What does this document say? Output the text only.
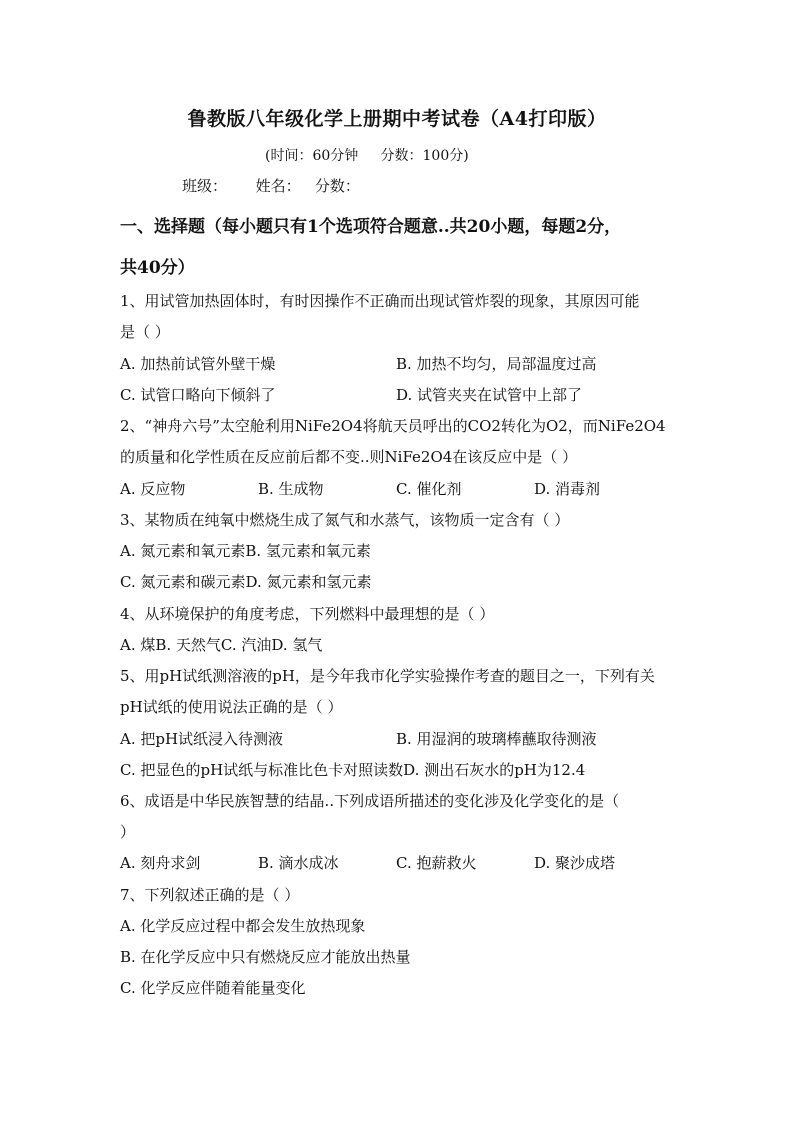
鲁教版八年级化学上册期中考试卷（A4打印版）
(时间：60分钟     分数：100分)
班级：      姓名：   分数：
一、选择题（每小题只有1个选项符合题意..共20小题，每题2分，
共40分）
1、用试管加热固体时，有时因操作不正确而出现试管炸裂的现象，其原因可能
是（ ）
A. 加热前试管外壁干燥	B. 加热不均匀，局部温度过高
C. 试管口略向下倾斜了	D. 试管夹夹在试管中上部了
2、“神舟六号”太空舱利用NiFe2O4将航天员呼出的CO2转化为O2，而NiFe2O4
的质量和化学性质在反应前后都不变..则NiFe2O4在该反应中是（ ）
A. 反应物	B. 生成物	C. 催化剂	D. 消毒剂
3、某物质在纯氧中燃烧生成了氮气和水蒸气，该物质一定含有（ ）
A. 氮元素和氧元素B. 氢元素和氧元素
C. 氮元素和碳元素D. 氮元素和氢元素
4、从环境保护的角度考虑，下列燃料中最理想的是（ ）
A. 煤B. 天然气C. 汽油D. 氢气
5、用pH试纸测溶液的pH，是今年我市化学实验操作考查的题目之一，下列有关
pH试纸的使用说法正确的是（ ）
A. 把pH试纸浸入待测液	B. 用湿润的玻璃棒蘸取待测液
C. 把显色的pH试纸与标准比色卡对照读数D. 测出石灰水的pH为12.4
6、成语是中华民族智慧的结晶..下列成语所描述的变化涉及化学变化的是（
）
A. 刻舟求剑	B. 滴水成冰	C. 抱薪救火	D. 聚沙成塔
7、下列叙述正确的是（ ）
A. 化学反应过程中都会发生放热现象
B. 在化学反应中只有燃烧反应才能放出热量
C. 化学反应伴随着能量变化
